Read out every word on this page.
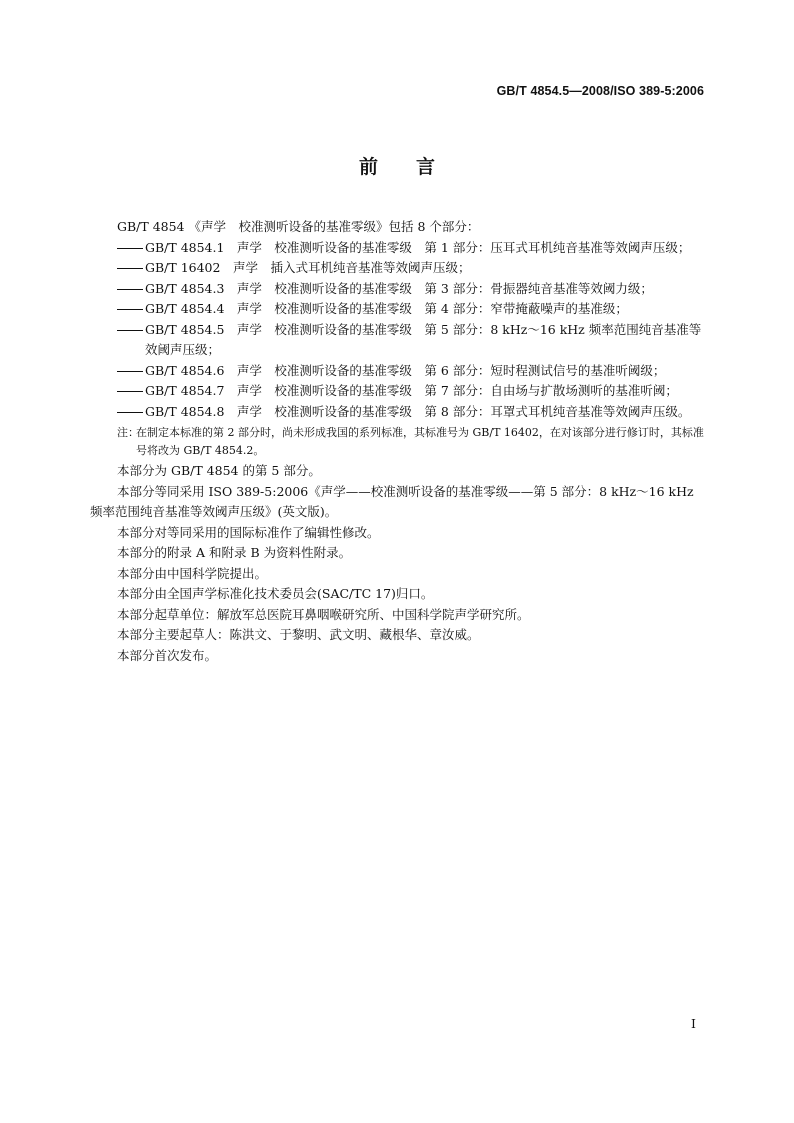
GB/T 4854.5—2008/ISO 389-5:2006
前言

GB/T 4854 《声学　校准测听设备的基准零级》包括 8 个部分：

GB/T 4854.1　声学　校准测听设备的基准零级　第 1 部分：压耳式耳机纯音基准等效阈声压级；
GB/T 16402　声学　插入式耳机纯音基准等效阈声压级；
GB/T 4854.3　声学　校准测听设备的基准零级　第 3 部分：骨振器纯音基准等效阈力级；
GB/T 4854.4　声学　校准测听设备的基准零级　第 4 部分：窄带掩蔽噪声的基准级；
GB/T 4854.5　声学　校准测听设备的基准零级　第 5 部分：8 kHz～16 kHz 频率范围纯音基准等效阈声压级；
GB/T 4854.6　声学　校准测听设备的基准零级　第 6 部分：短时程测试信号的基准听阈级；
GB/T 4854.7　声学　校准测听设备的基准零级　第 7 部分：自由场与扩散场测听的基准听阈；
GB/T 4854.8　声学　校准测听设备的基准零级　第 8 部分：耳罩式耳机纯音基准等效阈声压级。
注：
在制定本标准的第 2 部分时，尚未形成我国的系列标准，其标准号为 GB/T 16402，在对该部分进行修订时，其标准号将改为 GB/T 4854.2。

本部分为 GB/T 4854 的第 5 部分。

本部分等同采用 ISO 389-5:2006《声学——校准测听设备的基准零级——第 5 部分：8 kHz～16 kHz 频率范围纯音基准等效阈声压级》(英文版)。

本部分对等同采用的国际标准作了编辑性修改。

本部分的附录 A 和附录 B 为资料性附录。

本部分由中国科学院提出。

本部分由全国声学标准化技术委员会(SAC/TC 17)归口。

本部分起草单位：解放军总医院耳鼻咽喉研究所、中国科学院声学研究所。

本部分主要起草人：陈洪文、于黎明、武文明、藏根华、章汝威。

本部分首次发布。

I
